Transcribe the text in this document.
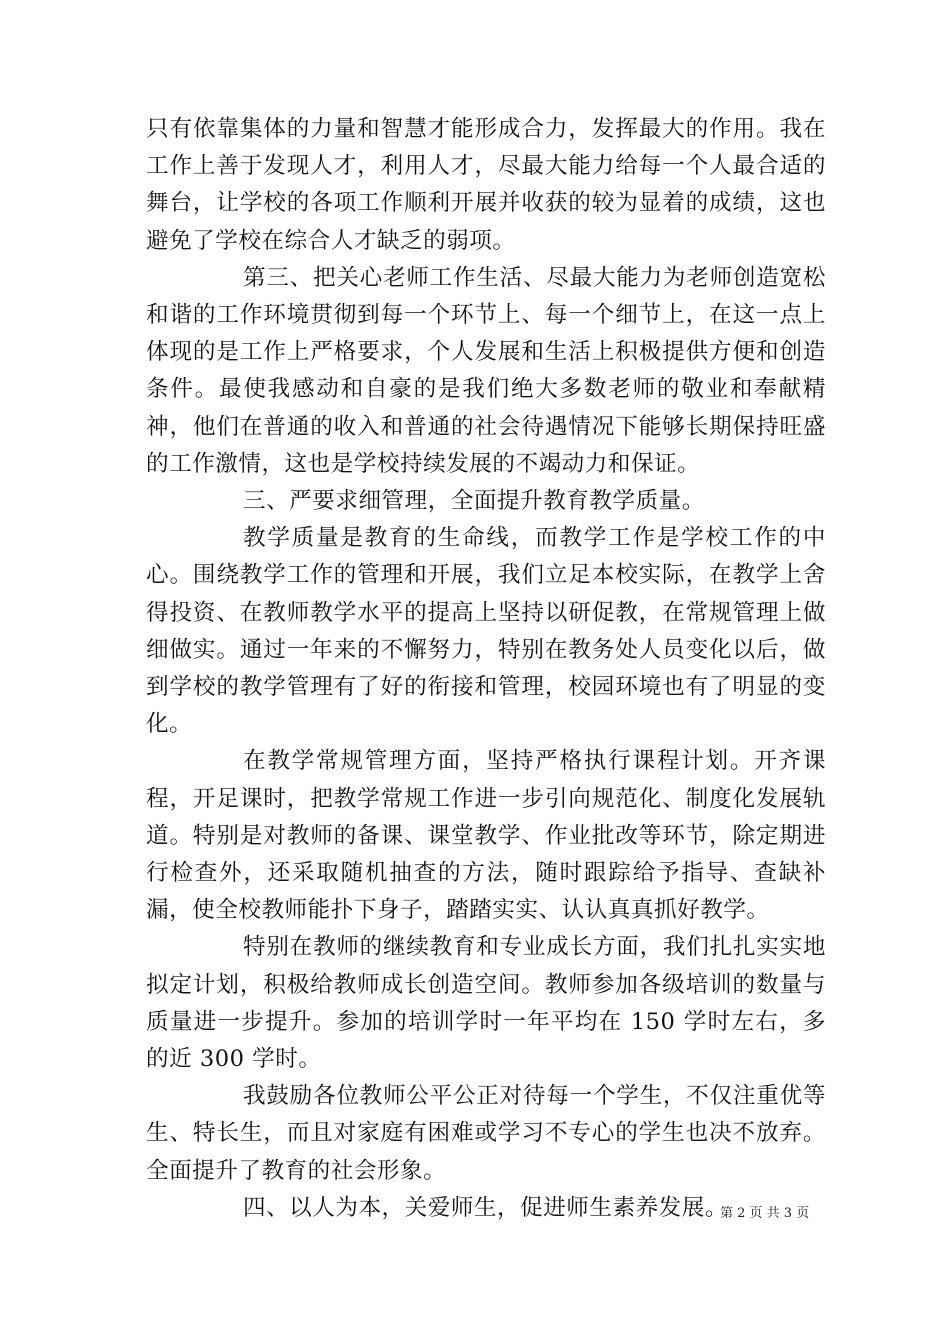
只有依靠集体的力量和智慧才能形成合力，发挥最大的作用。我在工作上善于发现人才，利用人才，尽最大能力给每一个人最合适的舞台，让学校的各项工作顺利开展并收获的较为显着的成绩，这也避免了学校在综合人才缺乏的弱项。

第三、把关心老师工作生活、尽最大能力为老师创造宽松和谐的工作环境贯彻到每一个环节上、每一个细节上，在这一点上体现的是工作上严格要求，个人发展和生活上积极提供方便和创造条件。最使我感动和自豪的是我们绝大多数老师的敬业和奉献精神，他们在普通的收入和普通的社会待遇情况下能够长期保持旺盛的工作激情，这也是学校持续发展的不竭动力和保证。

三、严要求细管理，全面提升教育教学质量。

教学质量是教育的生命线，而教学工作是学校工作的中心。围绕教学工作的管理和开展，我们立足本校实际，在教学上舍得投资、在教师教学水平的提高上坚持以研促教，在常规管理上做细做实。通过一年来的不懈努力，特别在教务处人员变化以后，做到学校的教学管理有了好的衔接和管理，校园环境也有了明显的变化。

在教学常规管理方面，坚持严格执行课程计划。开齐课程，开足课时，把教学常规工作进一步引向规范化、制度化发展轨道。特别是对教师的备课、课堂教学、作业批改等环节，除定期进行检查外，还采取随机抽查的方法，随时跟踪给予指导、查缺补漏，使全校教师能扑下身子，踏踏实实、认认真真抓好教学。

特别在教师的继续教育和专业成长方面，我们扎扎实实地拟定计划，积极给教师成长创造空间。教师参加各级培训的数量与质量进一步提升。参加的培训学时一年平均在 150 学时左右，多的近 300 学时。

我鼓励各位教师公平公正对待每一个学生，不仅注重优等生、特长生，而且对家庭有困难或学习不专心的学生也决不放弃。全面提升了教育的社会形象。

四、以人为本，关爱师生，促进师生素养发展。

第 2 页 共 3 页
